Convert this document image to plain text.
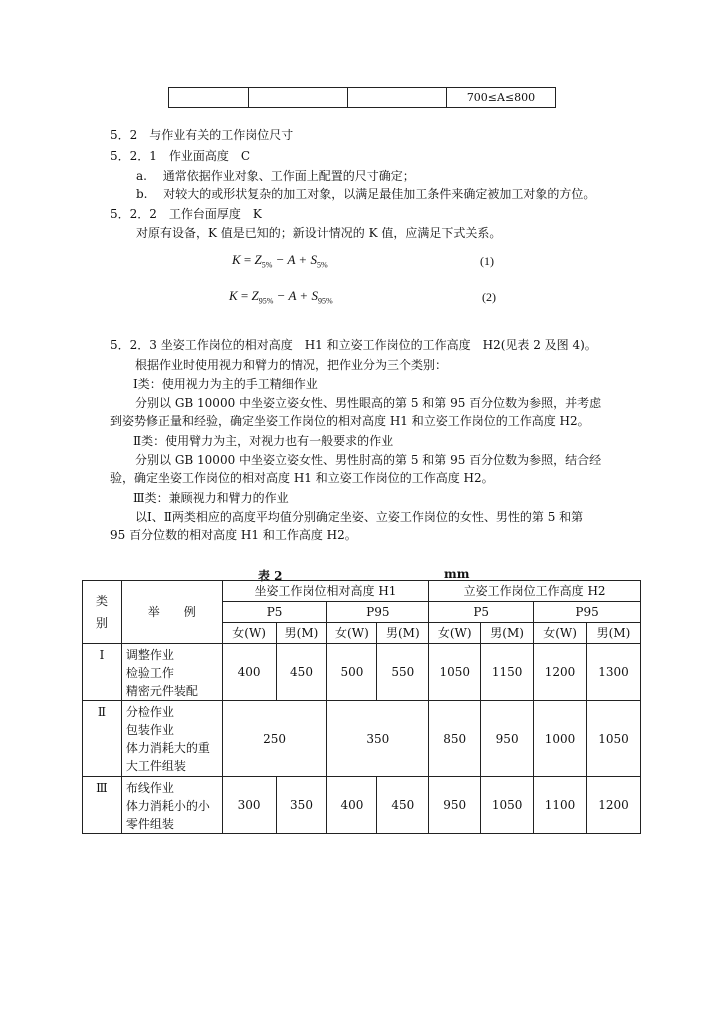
			700≤A≤800
5．2　与作业有关的工作岗位尺寸
5．2．1　作业面高度　C
a.　 通常依据作业对象、工作面上配置的尺寸确定；
b.　 对较大的或形状复杂的加工对象，以满足最佳加工条件来确定被加工对象的方位。
5．2．2　工作台面厚度　K
对原有设备，K 值是已知的；新设计情况的 K 值，应满足下式关系。
$K = Z_{5\%} - A + S_{5\%}$	(1)
$K = Z_{95\%} - A + S_{95\%}$	(2)
5．2．3 坐姿工作岗位的相对高度　H1 和立姿工作岗位的工作高度　H2(见表 2 及图 4)。
根据作业时使用视力和臂力的情况，把作业分为三个类别：
Ⅰ类：使用视力为主的手工精细作业
分别以 GB 10000 中坐姿立姿女性、男性眼高的第 5 和第 95 百分位数为参照，并考虑
到姿势修正量和经验，确定坐姿工作岗位的相对高度 H1 和立姿工作岗位的工作高度 H2。
Ⅱ类：使用臂力为主，对视力也有一般要求的作业
分别以 GB 10000 中坐姿立姿女性、男性肘高的第 5 和第 95 百分位数为参照，结合经
验，确定坐姿工作岗位的相对高度 H1 和立姿工作岗位的工作高度 H2。
Ⅲ类：兼顾视力和臂力的作业
以Ⅰ、Ⅱ两类相应的高度平均值分别确定坐姿、立姿工作岗位的女性、男性的第 5 和第
95 百分位数的相对高度 H1 和工作高度 H2。
表 2	mm
类
别	举　　例	坐姿工作岗位相对高度 H1				立姿工作岗位工作高度 H2			
		P5		P95		P5		P95	
		女(W)	男(M)	女(W)	男(M)	女(W)	男(M)	女(W)	男(M)
Ⅰ	调整作业
检验工作
精密元件装配	400	450	500	550	1050	1150	1200	1300
Ⅱ	分检作业
包装作业
体力消耗大的重
大工件组装	250		350		850	950	1000	1050
Ⅲ	布线作业
体力消耗小的小
零件组装	300	350	400	450	950	1050	1100	1200
